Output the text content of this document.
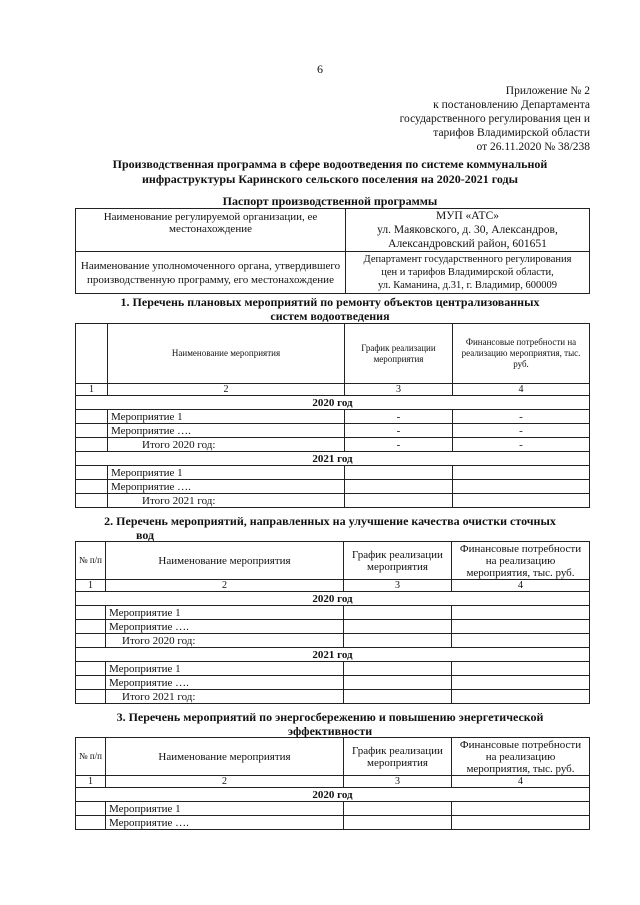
6
Приложение № 2
к постановлению Департамента
государственного регулирования цен и
тарифов Владимирской области
от 26.11.2020 № 38/238
Производственная программа в сфере водоотведения по системе коммунальной
инфраструктуры Каринского сельского поселения на 2020-2021 годы
Паспорт производственной программы
Наименование регулируемой организации, ее местонахождение	МУП «АТС»
ул. Маяковского, д. 30, Александров,
Александровский район, 601651

Наименование уполномоченного органа, утвердившего производственную программу, его местонахождение	Департамент государственного регулирования
цен и тарифов Владимирской области,
ул. Каманина, д.31, г. Владимир, 600009
1. Перечень плановых мероприятий по ремонту объектов централизованных
систем водоотведения
	Наименование мероприятия	График реализации мероприятия	Финансовые потребности на реализацию мероприятия, тыс. руб.
1	2	3	4
2020 год			
	Мероприятие 1	-	-
	Мероприятие ….	-	-
	Итого 2020 год:	-	-
2021 год			
	Мероприятие 1		
	Мероприятие ….		
	Итого 2021 год:		
2. Перечень мероприятий, направленных на улучшение качества очистки сточных
вод
№ п/п	Наименование мероприятия	График реализации мероприятия	Финансовые потребности на реализацию мероприятия, тыс. руб.
1	2	3	4
2020 год			
	Мероприятие 1		
	Мероприятие ….		
	Итого 2020 год:		
2021 год			
	Мероприятие 1		
	Мероприятие ….		
	Итого 2021 год:		
3. Перечень мероприятий по энергосбережению и повышению энергетической
эффективности
№ п/п	Наименование мероприятия	График реализации мероприятия	Финансовые потребности на реализацию мероприятия, тыс. руб.
1	2	3	4
2020 год			
	Мероприятие 1		
	Мероприятие ….		
